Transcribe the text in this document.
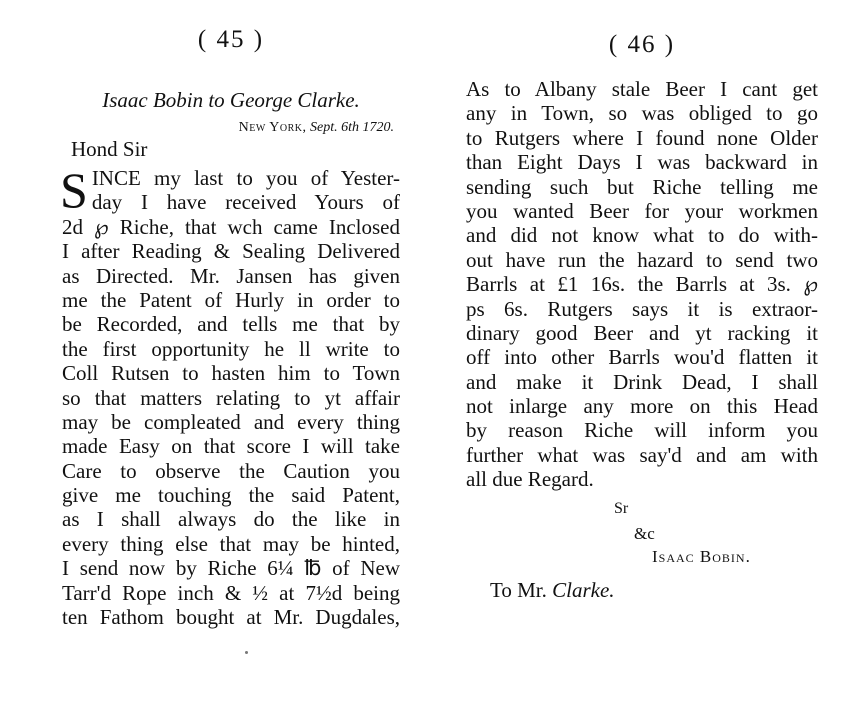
( 45 )

Isaac Bobin to George Clarke.

New York, Sept. 6th 1720.

Hond Sir

S INCE my last to you of Yester-
day I have received Yours of
2d ℘ Riche, that wch came Inclosed
I after Reading & Sealing Delivered
as Directed. Mr. Jansen has given
me the Patent of Hurly in order to
be Recorded, and tells me that by
the first opportunity he ll write to
Coll Rutsen to hasten him to Town
so that matters relating to yt affair
may be compleated and every thing
made Easy on that score I will take
Care to observe the Caution you
give me touching the said Patent,
as I shall always do the like in
every thing else that may be hinted,
I send now by Riche 6¼ ℔ of New
Tarr'd Rope inch & ½ at 7½d being
ten Fathom bought at Mr. Dugdales,

( 46 )

As to Albany stale Beer I cant get
any in Town, so was obliged to go
to Rutgers where I found none Older
than Eight Days I was backward in
sending such but Riche telling me
you wanted Beer for your workmen
and did not know what to do with-
out have run the hazard to send two
Barrls at £1 16s. the Barrls at 3s. ℘
ps 6s. Rutgers says it is extraor-
dinary good Beer and yt racking it
off into other Barrls wou'd flatten it
and make it Drink Dead, I shall
not inlarge any more on this Head
by reason Riche will inform you
further what was say'd and am with
all due Regard.

Sr

&c

Isaac Bobin.

To Mr. Clarke.
